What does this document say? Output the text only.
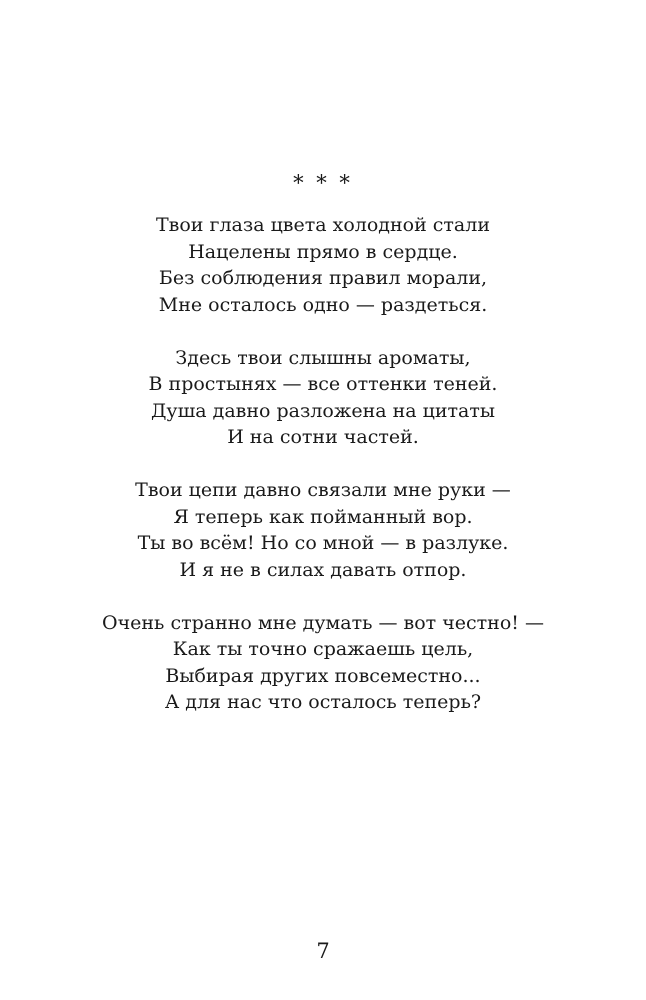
* * *
Твои глаза цвета холодной стали
Нацелены прямо в сердце.
Без соблюдения правил морали,
Мне осталось одно — раздеться.
Здесь твои слышны ароматы,
В простынях — все оттенки теней.
Душа давно разложена на цитаты
И на сотни частей.
Твои цепи давно связали мне руки —
Я теперь как пойманный вор.
Ты во всём! Но со мной — в разлуке.
И я не в силах давать отпор.
Очень странно мне думать — вот честно! —
Как ты точно сражаешь цель,
Выбирая других повсеместно...
А для нас что осталось теперь?
7
